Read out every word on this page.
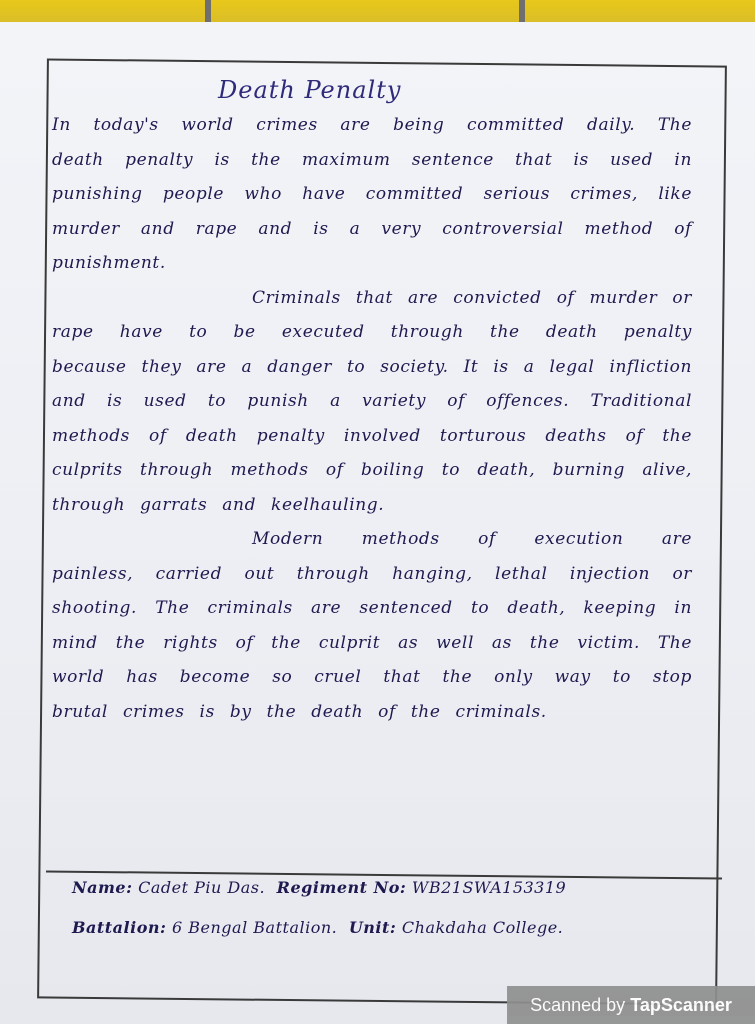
Death Penalty

In today's world crimes are being committed daily. The death penalty is the maximum sentence that is used in punishing people who have committed serious crimes, like murder and rape and is a very controversial method of punishment.

Criminals that are convicted of murder or rape have to be executed through the death penalty because they are a danger to society. It is a legal infliction and is used to punish a variety of offences. Traditional methods of death penalty involved torturous deaths of the culprits through methods of boiling to death, burning alive, through garrats and keelhauling.

Modern methods of execution are painless, carried out through hanging, lethal injection or shooting. The criminals are sentenced to death, keeping in mind the rights of the culprit as well as the victim. The world has become so cruel that the only way to stop brutal crimes is by the death of the criminals.

Name: Cadet Piu Das. Regiment No: WB21SWA153319
Battalion: 6 Bengal Battalion. Unit: Chakdaha College.
Scanned by TapScanner
